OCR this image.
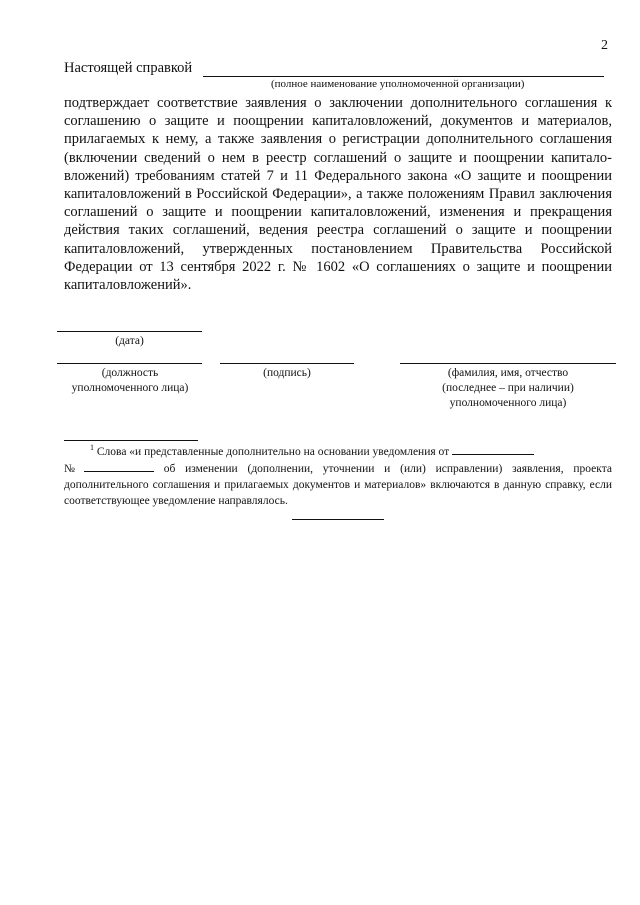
2
Настоящей справкой
(полное наименование уполномоченной организации)

подтверждает соответствие заявления о заключении дополнительного соглашения к соглашению о защите и поощрении капиталовложений, документов и материалов, прилагаемых к нему, а также заявления о регистрации дополнительного соглашения (включении сведений о нем в реестр соглашений о защите и поощрении капиталовложений) требованиям статей 7 и 11 Федерального закона «О защите и поощрении капиталовложений в Российской Федерации», а также положениям Правил заключения соглашений о защите и поощрении капиталовложений, изменения и прекращения действия таких соглашений, ведения реестра соглашений о защите и поощрении капиталовложений, утвержденных постановлением Правительства Российской Федерации от 13 сентября 2022 г. № 1602 «О соглашениях о защите и поощрении капиталовложений».

(дата)
(должность
уполномоченного лица)
(подпись)	(фамилия, имя, отчество
(последнее – при наличии)
уполномоченного лица)

$^1$ Слова «и представленные дополнительно на основании уведомления от
№	об изменении (дополнении, уточнении и (или) исправлении) заявления, проекта дополнительного соглашения и прилагаемых документов и материалов» включаются в данную справку, если соответствующее уведомление направлялось.
